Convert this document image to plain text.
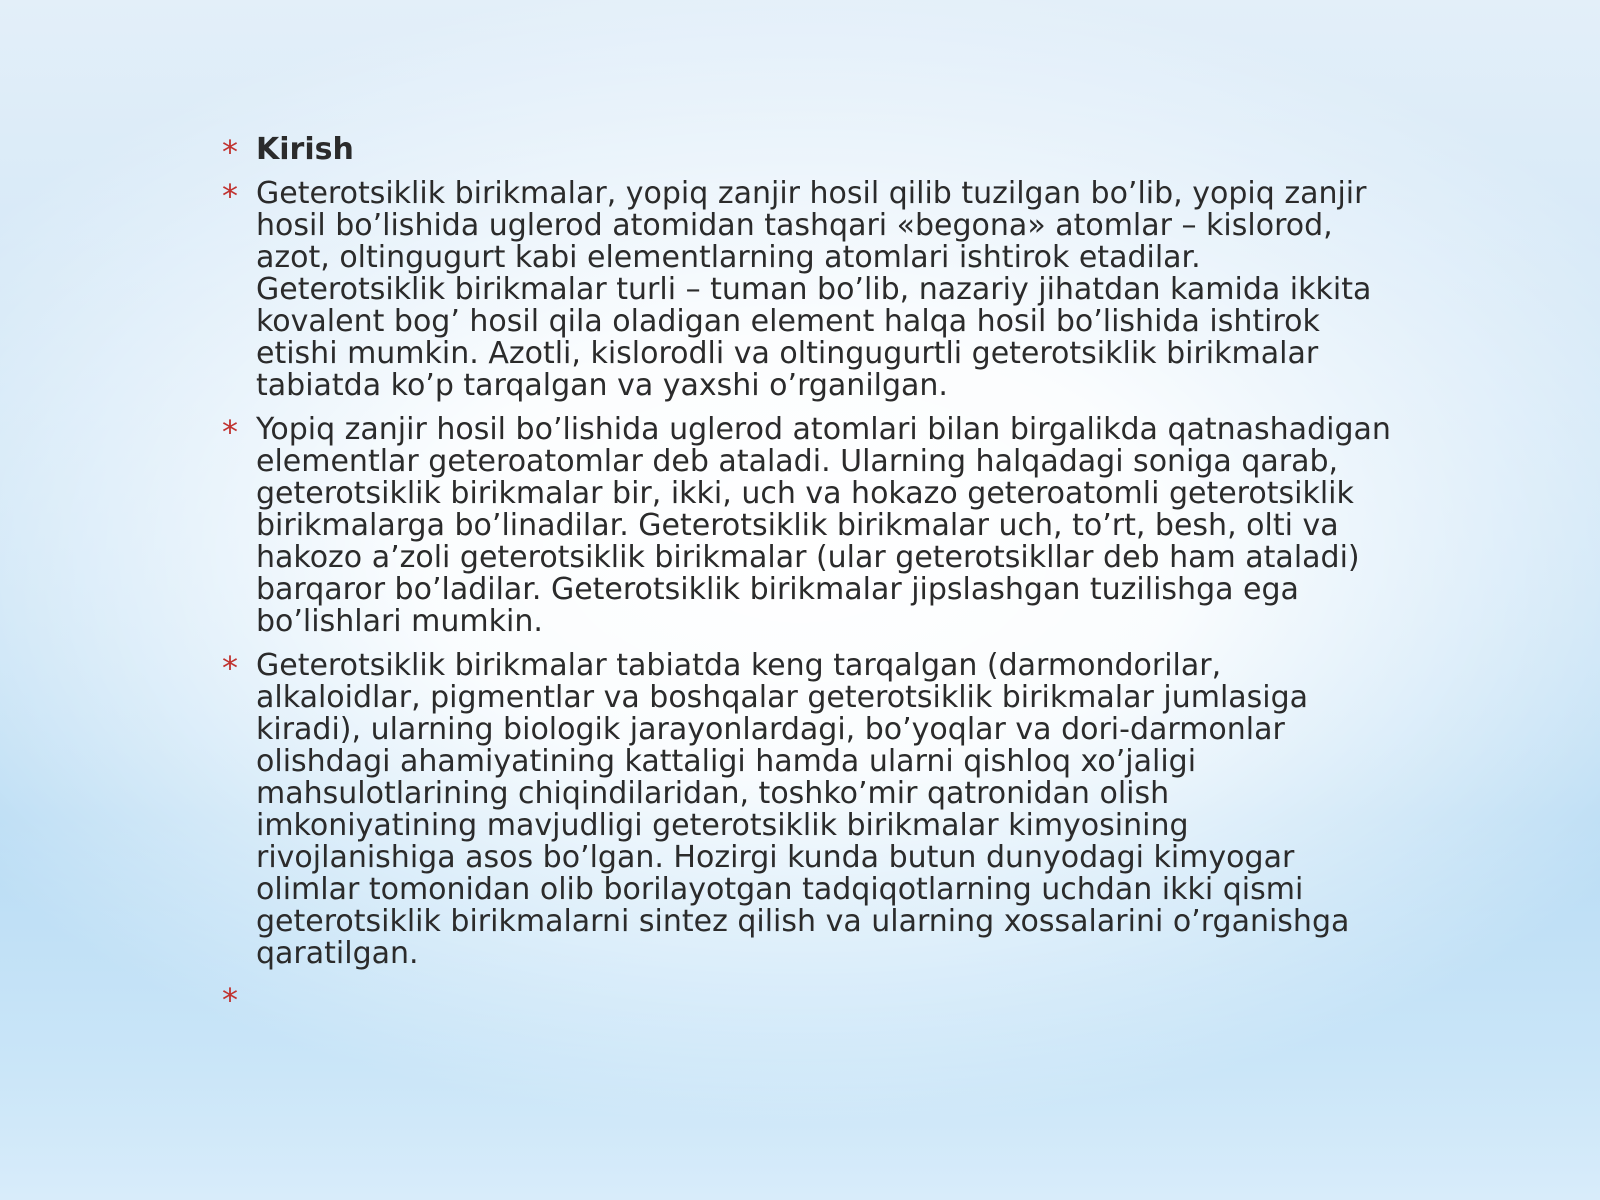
* Kirish
* Geterotsiklik birikmalar, yopiq zanjir hosil qilib tuzilgan bo’lib, yopiq zanjir hosil bo’lishida uglerod atomidan tashqari «begona» atomlar – kislorod, azot, oltingugurt kabi elementlarning atomlari ishtirok etadilar. Geterotsiklik birikmalar turli – tuman bo’lib, nazariy jihatdan kamida ikkita kovalent bog’ hosil qila oladigan element halqa hosil bo’lishida ishtirok etishi mumkin. Azotli, kislorodli va oltingugurtli geterotsiklik birikmalar tabiatda ko’p tarqalgan va yaxshi o’rganilgan.
* Yopiq zanjir hosil bo’lishida uglerod atomlari bilan birgalikda qatnashadigan elementlar geteroatomlar deb ataladi. Ularning halqadagi soniga qarab, geterotsiklik birikmalar bir, ikki, uch va hokazo geteroatomli geterotsiklik birikmalarga bo’linadilar. Geterotsiklik birikmalar uch, to’rt, besh, olti va hakozo a’zoli geterotsiklik birikmalar (ular geterotsikllar deb ham ataladi) barqaror bo’ladilar. Geterotsiklik birikmalar jipslashgan tuzilishga ega bo’lishlari mumkin.
* Geterotsiklik birikmalar tabiatda keng tarqalgan (darmondorilar, alkaloidlar, pigmentlar va boshqalar geterotsiklik birikmalar jumlasiga kiradi), ularning biologik jarayonlardagi, bo’yoqlar va dori-darmonlar olishdagi ahamiyatining kattaligi hamda ularni qishloq xo’jaligi mahsulotlarining chiqindilaridan, toshko’mir qatronidan olish imkoniyatining mavjudligi geterotsiklik birikmalar kimyosining rivojlanishiga asos bo’lgan. Hozirgi kunda butun dunyodagi kimyogar olimlar tomonidan olib borilayotgan tadqiqotlarning uchdan ikki qismi geterotsiklik birikmalarni sintez qilish va ularning xossalarini o’rganishga qaratilgan.
*
